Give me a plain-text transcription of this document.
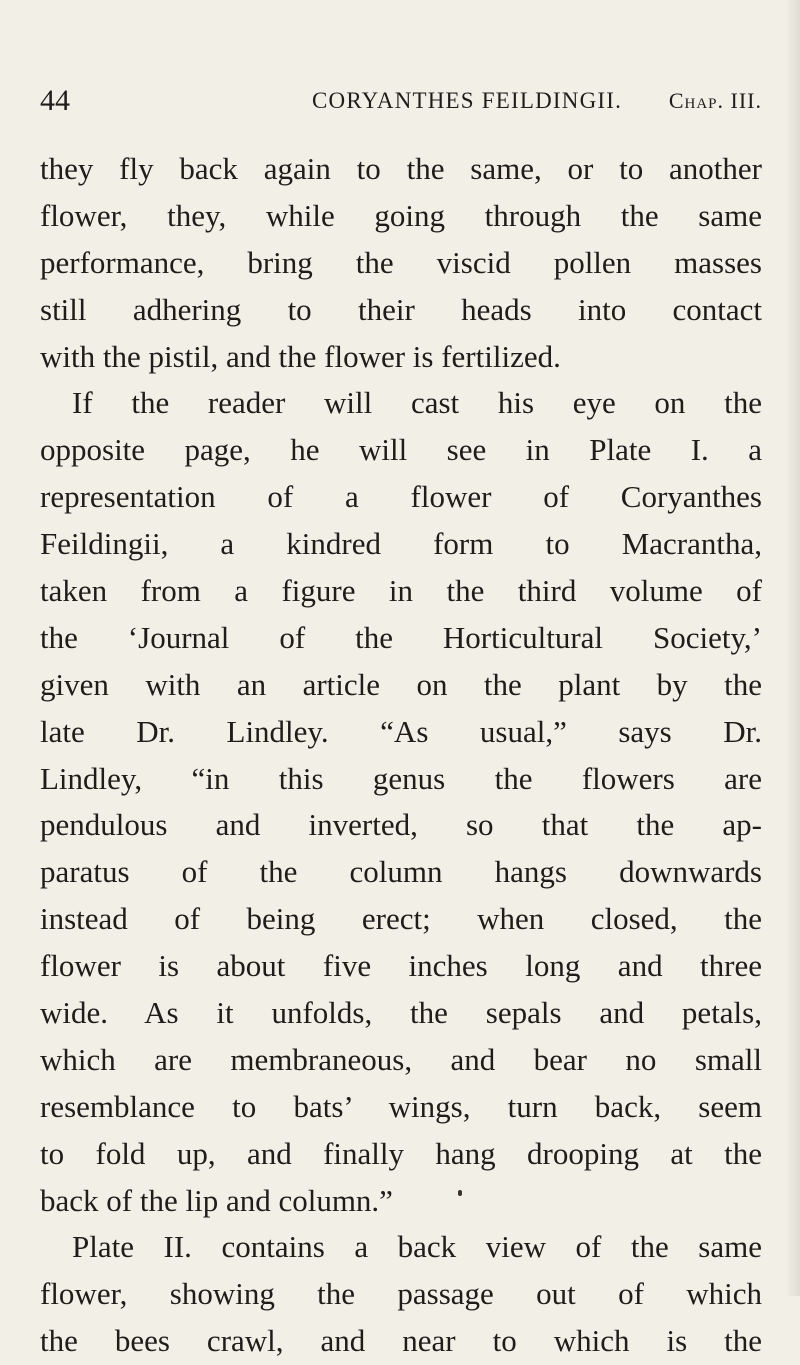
44	CORYANTHES FEILDINGII. Chap. III.
they fly back again to the same, or to another
flower, they, while going through the same
performance, bring the viscid pollen masses
still adhering to their heads into contact
with the pistil, and the flower is fertilized.
If the reader will cast his eye on the
opposite page, he will see in Plate I. a
representation of a flower of Coryanthes
Feildingii, a kindred form to Macrantha,
taken from a figure in the third volume of
the ‘Journal of the Horticultural Society,’
given with an article on the plant by the
late Dr. Lindley. “As usual,” says Dr.
Lindley, “in this genus the flowers are
pendulous and inverted, so that the ap-
paratus of the column hangs downwards
instead of being erect; when closed, the
flower is about five inches long and three
wide. As it unfolds, the sepals and petals,
which are membraneous, and bear no small
resemblance to bats’ wings, turn back, seem
to fold up, and finally hang drooping at the
back of the lip and column.”
Plate II. contains a back view of the same
flower, showing the passage out of which
the bees crawl, and near to which is the
